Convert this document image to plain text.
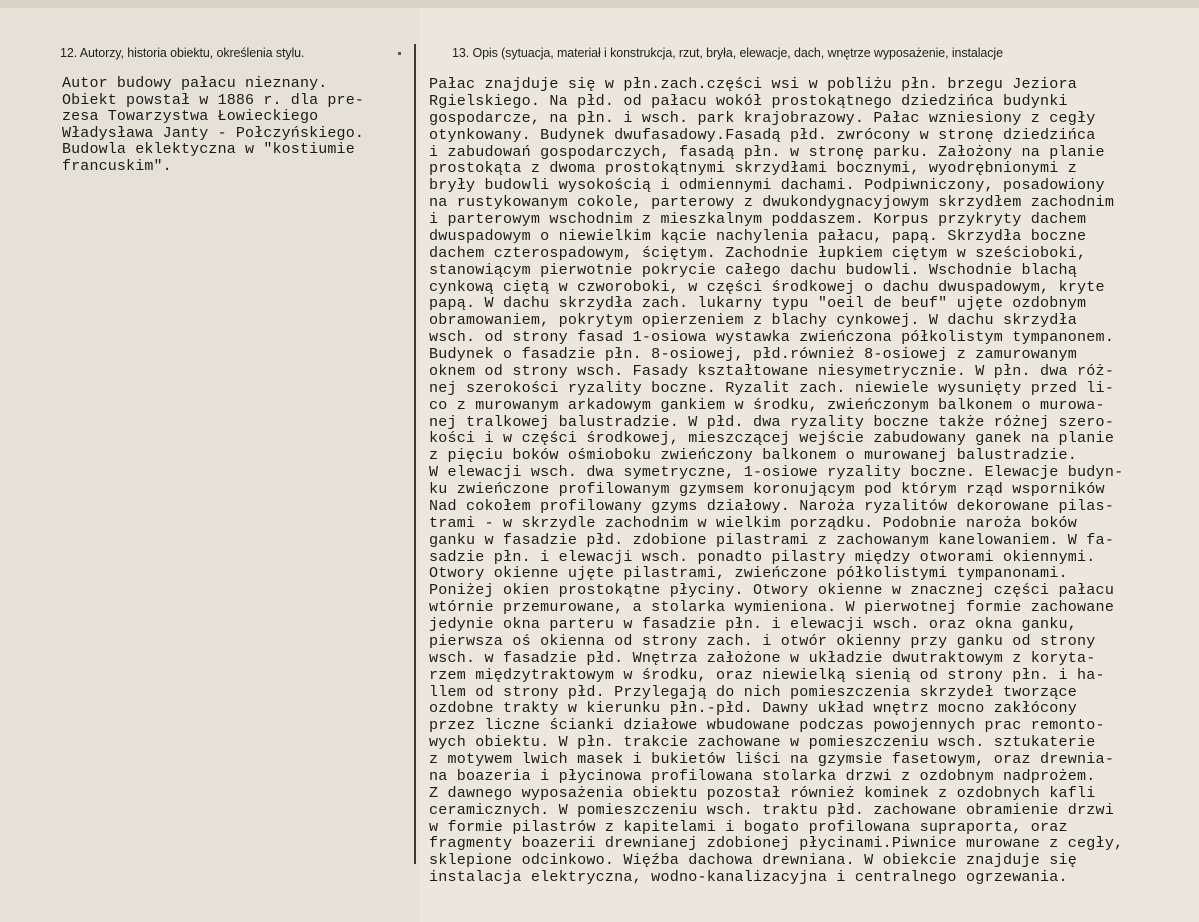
12. Autorzy, historia obiektu, określenia stylu.	13. Opis (sytuacja, materiał i konstrukcja, rzut, bryła, elewacje, dach, wnętrze wyposażenie, instalacje
Autor budowy pałacu nieznany.
Obiekt powstał w 1886 r. dla pre-
zesa Towarzystwa Łowieckiego
Władysława Janty - Połczyńskiego.
Budowla eklektyczna w "kostiumie
francuskim".
Pałac znajduje się w płn.zach.części wsi w pobliżu płn. brzegu Jeziora
Rgielskiego. Na płd. od pałacu wokół prostokątnego dziedzińca budynki
gospodarcze, na płn. i wsch. park krajobrazowy. Pałac wzniesiony z cegły
otynkowany. Budynek dwufasadowy.Fasadą płd. zwrócony w stronę dziedzińca
i zabudowań gospodarczych, fasadą płn. w stronę parku. Założony na planie
prostokąta z dwoma prostokątnymi skrzydłami bocznymi, wyodrębnionymi z
bryły budowli wysokością i odmiennymi dachami. Podpiwniczony, posadowiony
na rustykowanym cokole, parterowy z dwukondygnacyjowym skrzydłem zachodnim
i parterowym wschodnim z mieszkalnym poddaszem. Korpus przykryty dachem
dwuspadowym o niewielkim kącie nachylenia pałacu, papą. Skrzydła boczne
dachem czterospadowym, ściętym. Zachodnie łupkiem ciętym w sześcioboki,
stanowiącym pierwotnie pokrycie całego dachu budowli. Wschodnie blachą
cynkową ciętą w czworoboki, w części środkowej o dachu dwuspadowym, kryte
papą. W dachu skrzydła zach. lukarny typu "oeil de beuf" ujęte ozdobnym
obramowaniem, pokrytym opierzeniem z blachy cynkowej. W dachu skrzydła
wsch. od strony fasad 1-osiowa wystawka zwieńczona półkolistym tympanonem.
Budynek o fasadzie płn. 8-osiowej, płd.również 8-osiowej z zamurowanym
oknem od strony wsch. Fasady kształtowane niesymetrycznie. W płn. dwa róż-
nej szerokości ryzality boczne. Ryzalit zach. niewiele wysunięty przed li-
co z murowanym arkadowym gankiem w środku, zwieńczonym balkonem o murowa-
nej tralkowej balustradzie. W płd. dwa ryzality boczne także różnej szero-
kości i w części środkowej, mieszczącej wejście zabudowany ganek na planie
z pięciu boków ośmioboku zwieńczony balkonem o murowanej balustradzie.
W elewacji wsch. dwa symetryczne, 1-osiowe ryzality boczne. Elewacje budyn-
ku zwieńczone profilowanym gzymsem koronującym pod którym rząd wsporników
Nad cokołem profilowany gzyms działowy. Naroża ryzalitów dekorowane pilas-
trami - w skrzydle zachodnim w wielkim porządku. Podobnie naroża boków
ganku w fasadzie płd. zdobione pilastrami z zachowanym kanelowaniem. W fa-
sadzie płn. i elewacji wsch. ponadto pilastry między otworami okiennymi.
Otwory okienne ujęte pilastrami, zwieńczone półkolistymi tympanonami.
Poniżej okien prostokątne płyciny. Otwory okienne w znacznej części pałacu
wtórnie przemurowane, a stolarka wymieniona. W pierwotnej formie zachowane
jedynie okna parteru w fasadzie płn. i elewacji wsch. oraz okna ganku,
pierwsza oś okienna od strony zach. i otwór okienny przy ganku od strony
wsch. w fasadzie płd. Wnętrza założone w układzie dwutraktowym z koryta-
rzem międzytraktowym w środku, oraz niewielką sienią od strony płn. i ha-
llem od strony płd. Przylegają do nich pomieszczenia skrzydeł tworzące
ozdobne trakty w kierunku płn.-płd. Dawny układ wnętrz mocno zakłócony
przez liczne ścianki działowe wbudowane podczas powojennych prac remonto-
wych obiektu. W płn. trakcie zachowane w pomieszczeniu wsch. sztukaterie
z motywem lwich masek i bukietów liści na gzymsie fasetowym, oraz drewnia-
na boazeria i płycinowa profilowana stolarka drzwi z ozdobnym nadprożem.
Z dawnego wyposażenia obiektu pozostał również kominek z ozdobnych kafli
ceramicznych. W pomieszczeniu wsch. traktu płd. zachowane obramienie drzwi
w formie pilastrów z kapitelami i bogato profilowana supraporta, oraz
fragmenty boazerii drewnianej zdobionej płycinami.Piwnice murowane z cegły,
sklepione odcinkowo. Więźba dachowa drewniana. W obiekcie znajduje się
instalacja elektryczna, wodno-kanalizacyjna i centralnego ogrzewania.
